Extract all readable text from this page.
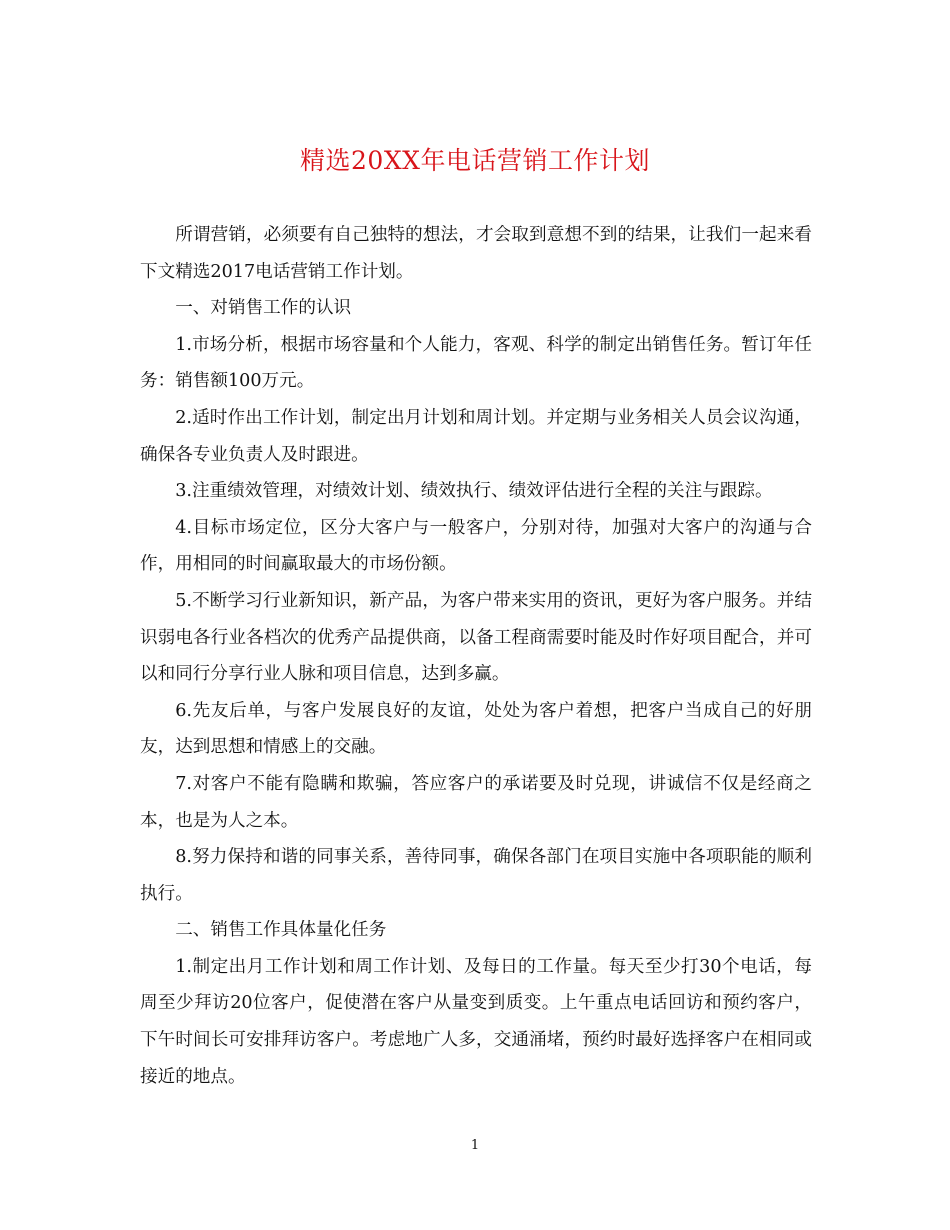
精选20XX年电话营销工作计划

所谓营销，必须要有自己独特的想法，才会取到意想不到的结果，让我们一起来看下文精选2017电话营销工作计划。

一、对销售工作的认识

1.市场分析，根据市场容量和个人能力，客观、科学的制定出销售任务。暂订年任务：销售额100万元。

2.适时作出工作计划，制定出月计划和周计划。并定期与业务相关人员会议沟通，确保各专业负责人及时跟进。

3.注重绩效管理，对绩效计划、绩效执行、绩效评估进行全程的关注与跟踪。

4.目标市场定位，区分大客户与一般客户，分别对待，加强对大客户的沟通与合作，用相同的时间赢取最大的市场份额。

5.不断学习行业新知识，新产品，为客户带来实用的资讯，更好为客户服务。并结识弱电各行业各档次的优秀产品提供商，以备工程商需要时能及时作好项目配合，并可以和同行分享行业人脉和项目信息，达到多赢。

6.先友后单，与客户发展良好的友谊，处处为客户着想，把客户当成自己的好朋友，达到思想和情感上的交融。

7.对客户不能有隐瞒和欺骗，答应客户的承诺要及时兑现，讲诚信不仅是经商之本，也是为人之本。

8.努力保持和谐的同事关系，善待同事，确保各部门在项目实施中各项职能的顺利执行。

二、销售工作具体量化任务

1.制定出月工作计划和周工作计划、及每日的工作量。每天至少打30个电话，每周至少拜访20位客户，促使潜在客户从量变到质变。上午重点电话回访和预约客户，下午时间长可安排拜访客户。考虑地广人多，交通涌堵，预约时最好选择客户在相同或接近的地点。

1
